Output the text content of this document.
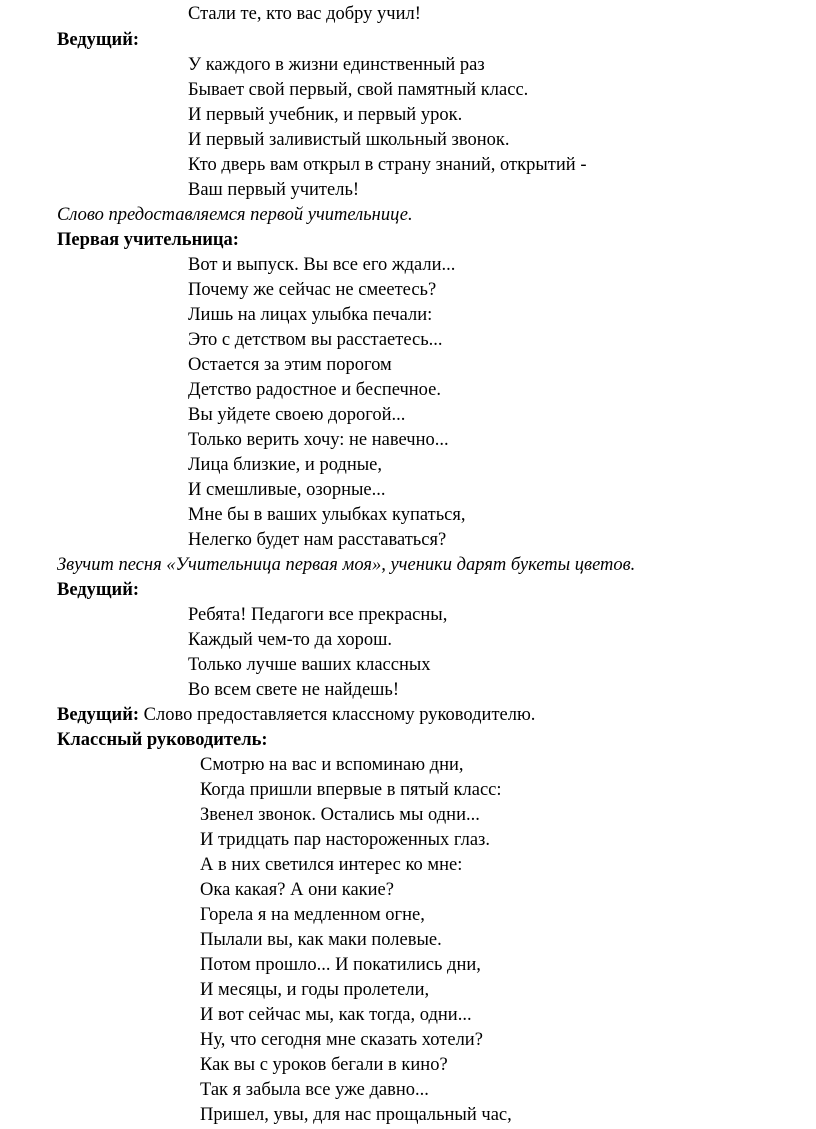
Стали те, кто вас добру учил!
Ведущий:
У каждого в жизни единственный раз
Бывает свой первый, свой памятный класс.
И первый учебник, и первый урок.
И первый заливистый школьный звонок.
Кто дверь вам открыл в страну знаний, открытий -
Ваш первый учитель!
Слово предоставляемся первой учительнице.
Первая учительница:
Вот и выпуск. Вы все его ждали...
Почему же сейчас не смеетесь?
Лишь на лицах улыбка печали:
Это с детством вы расстаетесь...
Остается за этим порогом
Детство радостное и беспечное.
Вы уйдете своею дорогой...
Только верить хочу: не навечно...
Лица близкие, и родные,
И смешливые, озорные...
Мне бы в ваших улыбках купаться,
Нелегко будет нам расставаться?
Звучит песня «Учительница первая моя», ученики дарят букеты цветов.
Ведущий:
Ребята! Педагоги все прекрасны,
Каждый чем-то да хорош.
Только лучше ваших классных
Во всем свете не найдешь!
Ведущий: Слово предоставляется классному руководителю.
Классный руководитель:
Смотрю на вас и вспоминаю дни,
Когда пришли впервые в пятый класс:
Звенел звонок. Остались мы одни...
И тридцать пар настороженных глаз.
А в них светился интерес ко мне:
Ока какая? А они какие?
Горела я на медленном огне,
Пылали вы, как маки полевые.
Потом прошло... И покатились дни,
И месяцы, и годы пролетели,
И вот сейчас мы, как тогда, одни...
Ну, что сегодня мне сказать хотели?
Как вы с уроков бегали в кино?
Так я забыла все уже давно...
Пришел, увы, для нас прощальный час,
